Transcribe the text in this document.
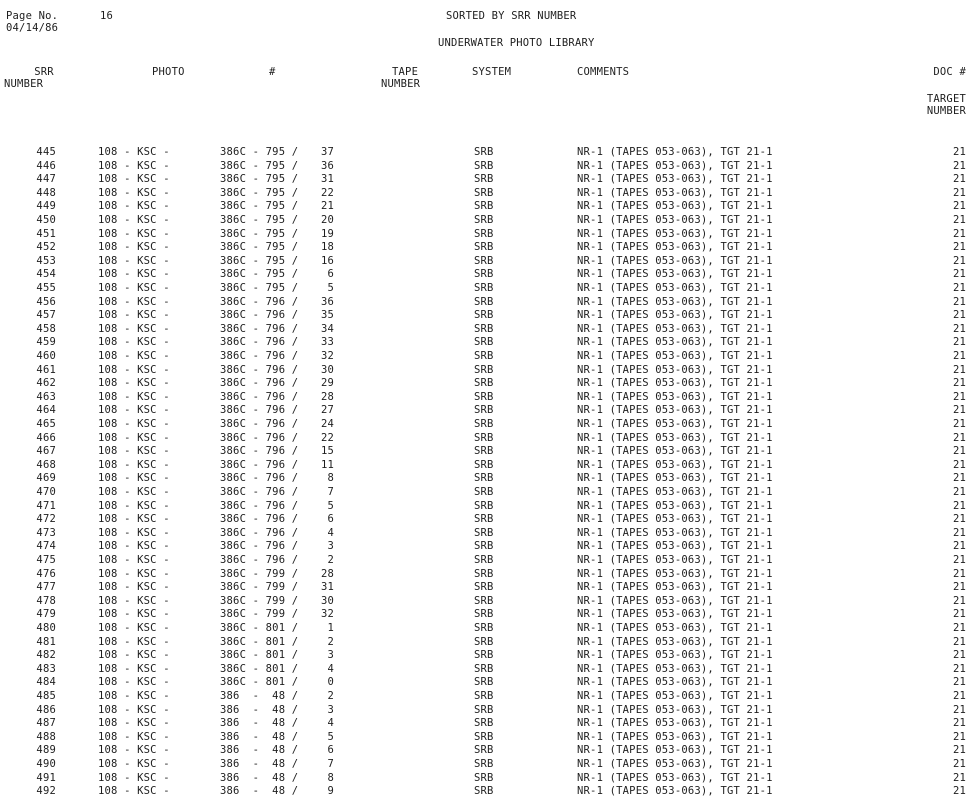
Page No.	16
04/14/86
SORTED BY SRR NUMBER
UNDERWATER PHOTO LIBRARY
SRR
NUMBER
PHOTO	#	TAPE
NUMBER
SYSTEM	COMMENTS	DOC #
TARGET
NUMBER
445	108 - KSC -	386C - 795 /	37	SRB	NR-1 (TAPES 053-063), TGT 21-1	21
446	108 - KSC -	386C - 795 /	36	SRB	NR-1 (TAPES 053-063), TGT 21-1	21
447	108 - KSC -	386C - 795 /	31	SRB	NR-1 (TAPES 053-063), TGT 21-1	21
448	108 - KSC -	386C - 795 /	22	SRB	NR-1 (TAPES 053-063), TGT 21-1	21
449	108 - KSC -	386C - 795 /	21	SRB	NR-1 (TAPES 053-063), TGT 21-1	21
450	108 - KSC -	386C - 795 /	20	SRB	NR-1 (TAPES 053-063), TGT 21-1	21
451	108 - KSC -	386C - 795 /	19	SRB	NR-1 (TAPES 053-063), TGT 21-1	21
452	108 - KSC -	386C - 795 /	18	SRB	NR-1 (TAPES 053-063), TGT 21-1	21
453	108 - KSC -	386C - 795 /	16	SRB	NR-1 (TAPES 053-063), TGT 21-1	21
454	108 - KSC -	386C - 795 /	6	SRB	NR-1 (TAPES 053-063), TGT 21-1	21
455	108 - KSC -	386C - 795 /	5	SRB	NR-1 (TAPES 053-063), TGT 21-1	21
456	108 - KSC -	386C - 796 /	36	SRB	NR-1 (TAPES 053-063), TGT 21-1	21
457	108 - KSC -	386C - 796 /	35	SRB	NR-1 (TAPES 053-063), TGT 21-1	21
458	108 - KSC -	386C - 796 /	34	SRB	NR-1 (TAPES 053-063), TGT 21-1	21
459	108 - KSC -	386C - 796 /	33	SRB	NR-1 (TAPES 053-063), TGT 21-1	21
460	108 - KSC -	386C - 796 /	32	SRB	NR-1 (TAPES 053-063), TGT 21-1	21
461	108 - KSC -	386C - 796 /	30	SRB	NR-1 (TAPES 053-063), TGT 21-1	21
462	108 - KSC -	386C - 796 /	29	SRB	NR-1 (TAPES 053-063), TGT 21-1	21
463	108 - KSC -	386C - 796 /	28	SRB	NR-1 (TAPES 053-063), TGT 21-1	21
464	108 - KSC -	386C - 796 /	27	SRB	NR-1 (TAPES 053-063), TGT 21-1	21
465	108 - KSC -	386C - 796 /	24	SRB	NR-1 (TAPES 053-063), TGT 21-1	21
466	108 - KSC -	386C - 796 /	22	SRB	NR-1 (TAPES 053-063), TGT 21-1	21
467	108 - KSC -	386C - 796 /	15	SRB	NR-1 (TAPES 053-063), TGT 21-1	21
468	108 - KSC -	386C - 796 /	11	SRB	NR-1 (TAPES 053-063), TGT 21-1	21
469	108 - KSC -	386C - 796 /	8	SRB	NR-1 (TAPES 053-063), TGT 21-1	21
470	108 - KSC -	386C - 796 /	7	SRB	NR-1 (TAPES 053-063), TGT 21-1	21
471	108 - KSC -	386C - 796 /	5	SRB	NR-1 (TAPES 053-063), TGT 21-1	21
472	108 - KSC -	386C - 796 /	6	SRB	NR-1 (TAPES 053-063), TGT 21-1	21
473	108 - KSC -	386C - 796 /	4	SRB	NR-1 (TAPES 053-063), TGT 21-1	21
474	108 - KSC -	386C - 796 /	3	SRB	NR-1 (TAPES 053-063), TGT 21-1	21
475	108 - KSC -	386C - 796 /	2	SRB	NR-1 (TAPES 053-063), TGT 21-1	21
476	108 - KSC -	386C - 799 /	28	SRB	NR-1 (TAPES 053-063), TGT 21-1	21
477	108 - KSC -	386C - 799 /	31	SRB	NR-1 (TAPES 053-063), TGT 21-1	21
478	108 - KSC -	386C - 799 /	30	SRB	NR-1 (TAPES 053-063), TGT 21-1	21
479	108 - KSC -	386C - 799 /	32	SRB	NR-1 (TAPES 053-063), TGT 21-1	21
480	108 - KSC -	386C - 801 /	1	SRB	NR-1 (TAPES 053-063), TGT 21-1	21
481	108 - KSC -	386C - 801 /	2	SRB	NR-1 (TAPES 053-063), TGT 21-1	21
482	108 - KSC -	386C - 801 /	3	SRB	NR-1 (TAPES 053-063), TGT 21-1	21
483	108 - KSC -	386C - 801 /	4	SRB	NR-1 (TAPES 053-063), TGT 21-1	21
484	108 - KSC -	386C - 801 /	0	SRB	NR-1 (TAPES 053-063), TGT 21-1	21
485	108 - KSC -	386  -  48 /	2	SRB	NR-1 (TAPES 053-063), TGT 21-1	21
486	108 - KSC -	386  -  48 /	3	SRB	NR-1 (TAPES 053-063), TGT 21-1	21
487	108 - KSC -	386  -  48 /	4	SRB	NR-1 (TAPES 053-063), TGT 21-1	21
488	108 - KSC -	386  -  48 /	5	SRB	NR-1 (TAPES 053-063), TGT 21-1	21
489	108 - KSC -	386  -  48 /	6	SRB	NR-1 (TAPES 053-063), TGT 21-1	21
490	108 - KSC -	386  -  48 /	7	SRB	NR-1 (TAPES 053-063), TGT 21-1	21
491	108 - KSC -	386  -  48 /	8	SRB	NR-1 (TAPES 053-063), TGT 21-1	21
492	108 - KSC -	386  -  48 /	9	SRB	NR-1 (TAPES 053-063), TGT 21-1	21
